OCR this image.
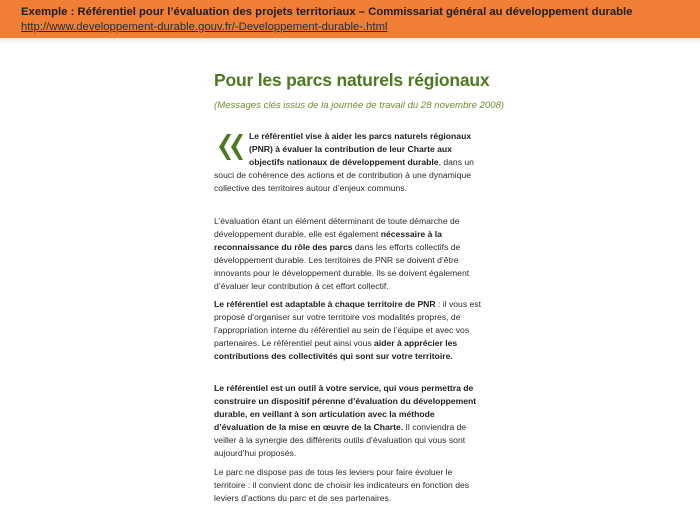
Exemple : Référentiel pour l’évaluation des projets territoriaux – Commissariat général au développement durable
http://www.developpement-durable.gouv.fr/-Developpement-durable-.html
Pour les parcs naturels régionaux
(Messages clés issus de la journée de travail du 28 novembre 2008)

Le référentiel vise à aider les parcs naturels régionaux (PNR) à évaluer la contribution de leur Charte aux objectifs nationaux de développement durable, dans un souci de cohérence des actions et de contribution à une dynamique collective des territoires autour d’enjeux communs.

L’évaluation étant un élément déterminant de toute démarche de développement durable, elle est également nécessaire à la reconnaissance du rôle des parcs dans les efforts collectifs de développement durable. Les territoires de PNR se doivent d’être innovants pour le développement durable. Ils se doivent également d’évaluer leur contribution à cet effort collectif.

Le référentiel est adaptable à chaque territoire de PNR : il vous est proposé d’organiser sur votre territoire vos modalités propres, de l’appropriation interne du référentiel au sein de l’équipe et avec vos partenaires. Le référentiel peut ainsi vous aider à apprécier les contributions des collectivités qui sont sur votre territoire.

Le référentiel est un outil à votre service, qui vous permettra de construire un dispositif pérenne d’évaluation du développement durable, en veillant à son articulation avec la méthode d’évaluation de la mise en œuvre de la Charte. Il conviendra de veiller à la synergie des différents outils d’évaluation qui vous sont aujourd’hui proposés.

Le parc ne dispose pas de tous les leviers pour faire évoluer le territoire : il convient donc de choisir les indicateurs en fonction des leviers d’actions du parc et de ses partenaires.
